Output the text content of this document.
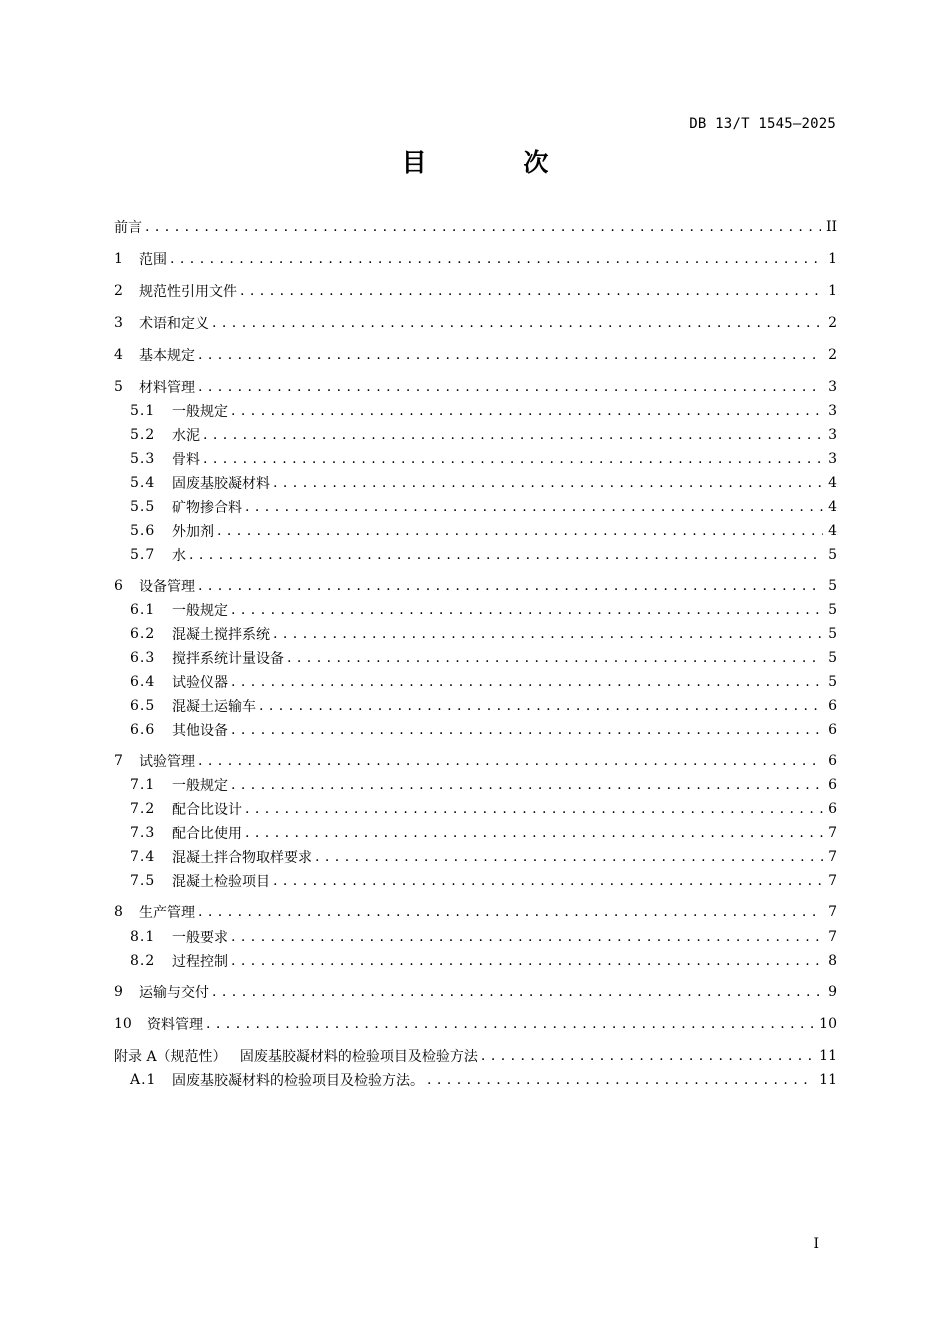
DB 13/T 1545—2025
目 次
前言 . . .	II
1	范围 . . .	1
2	规范性引用文件 . . .	1
3	术语和定义 . . .	2
4	基本规定 . . .	2
5	材料管理 . . .	3
5.1	一般规定 . . .	3
5.2	水泥 . . .	3
5.3	骨料 . . .	3
5.4	固废基胶凝材料 . . .	4
5.5	矿物掺合料 . . .	4
5.6	外加剂 . . .	4
5.7	水 . . .	5
6	设备管理 . . .	5
6.1	一般规定 . . .	5
6.2	混凝土搅拌系统 . . .	5
6.3	搅拌系统计量设备 . . .	5
6.4	试验仪器 . . .	5
6.5	混凝土运输车 . . .	6
6.6	其他设备 . . .	6
7	试验管理 . . .	6
7.1	一般规定 . . .	6
7.2	配合比设计 . . .	6
7.3	配合比使用 . . .	7
7.4	混凝土拌合物取样要求 . . .	7
7.5	混凝土检验项目 . . .	7
8	生产管理 . . .	7
8.1	一般要求 . . .	7
8.2	过程控制 . . .	8
9	运输与交付 . . .	9
10	资料管理 . . .	10
附录 A（规范性）   固废基胶凝材料的检验项目及检验方法 . . .	11
A.1	固废基胶凝材料的检验项目及检验方法。 . . .	11
I
